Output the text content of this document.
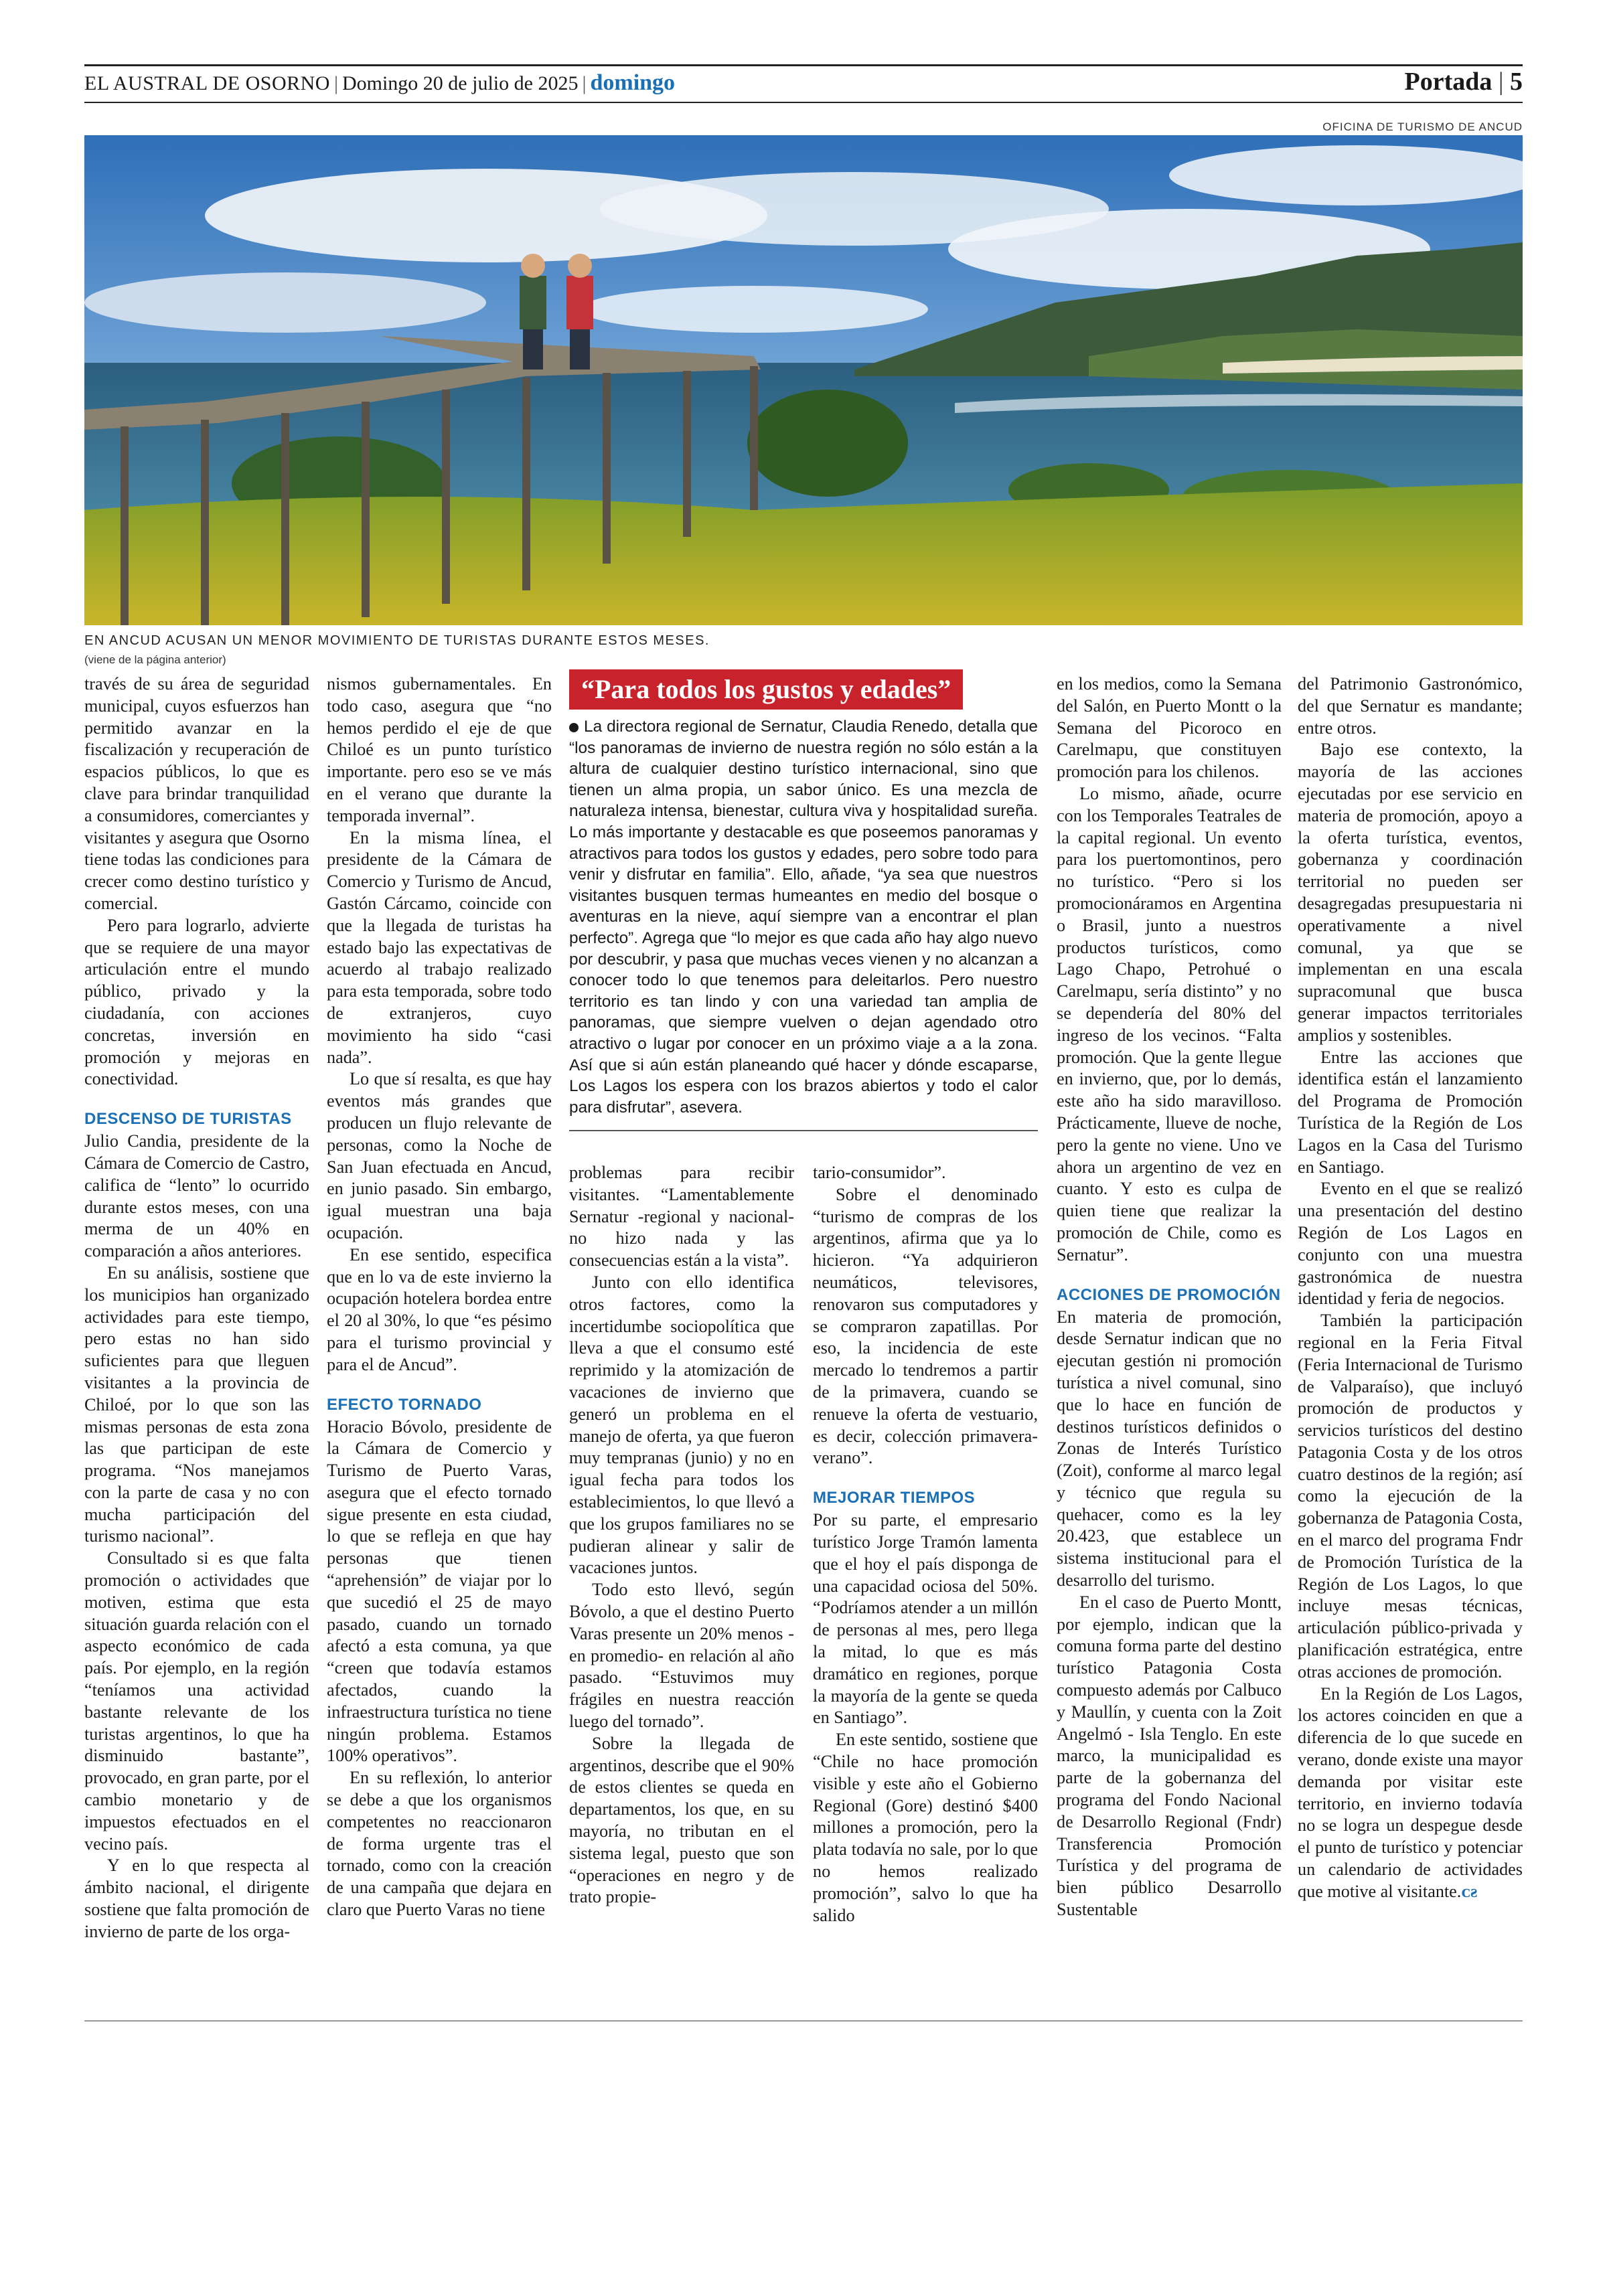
EL AUSTRAL DE OSORNO | Domingo 20 de julio de 2025 | domingo	Portada | 5
OFICINA DE TURISMO DE ANCUD
EN ANCUD ACUSAN UN MENOR MOVIMIENTO DE TURISTAS DURANTE ESTOS MESES.
(viene de la página anterior)

través de su área de seguridad municipal, cuyos esfuerzos han permitido avanzar en la fiscalización y recuperación de espacios públicos, lo que es clave para brindar tranquilidad a consumidores, comerciantes y visitantes y asegura que Osorno tiene todas las condiciones para crecer como destino turístico y comercial.

Pero para lograrlo, advierte que se requiere de una mayor articulación entre el mundo público, privado y la ciudadanía, con acciones concretas, inversión en promoción y mejoras en conectividad.

DESCENSO DE TURISTAS

Julio Candia, presidente de la Cámara de Comercio de Castro, califica de “lento” lo ocurrido durante estos meses, con una merma de un 40% en comparación a años anteriores.

En su análisis, sostiene que los municipios han organizado actividades para este tiempo, pero estas no han sido suficientes para que lleguen visitantes a la provincia de Chiloé, por lo que son las mismas personas de esta zona las que participan de este programa. “Nos manejamos con la parte de casa y no con mucha participación del turismo nacional”.

Consultado si es que falta promoción o actividades que motiven, estima que esta situación guarda relación con el aspecto económico de cada país. Por ejemplo, en la región “teníamos una actividad bastante relevante de los turistas argentinos, lo que ha disminuido bastante”, provocado, en gran parte, por el cambio monetario y de impuestos efectuados en el vecino país.

Y en lo que respecta al ámbito nacional, el dirigente sostiene que falta promoción de invierno de parte de los orga-

nismos gubernamentales. En todo caso, asegura que “no hemos perdido el eje de que Chiloé es un punto turístico importante. pero eso se ve más en el verano que durante la temporada invernal”.

En la misma línea, el presidente de la Cámara de Comercio y Turismo de Ancud, Gastón Cárcamo, coincide con que la llegada de turistas ha estado bajo las expectativas de acuerdo al trabajo realizado para esta temporada, sobre todo de extranjeros, cuyo movimiento ha sido “casi nada”.

Lo que sí resalta, es que hay eventos más grandes que producen un flujo relevante de personas, como la Noche de San Juan efectuada en Ancud, en junio pasado. Sin embargo, igual muestran una baja ocupación.

En ese sentido, especifica que en lo va de este invierno la ocupación hotelera bordea entre el 20 al 30%, lo que “es pésimo para el turismo provincial y para el de Ancud”.

EFECTO TORNADO

Horacio Bóvolo, presidente de la Cámara de Comercio y Turismo de Puerto Varas, asegura que el efecto tornado sigue presente en esta ciudad, lo que se refleja en que hay personas que tienen “aprehensión” de viajar por lo que sucedió el 25 de mayo pasado, cuando un tornado afectó a esta comuna, ya que “creen que todavía estamos afectados, cuando la infraestructura turística no tiene ningún problema. Estamos 100% operativos”.

En su reflexión, lo anterior se debe a que los organismos competentes no reaccionaron de forma urgente tras el tornado, como con la creación de una campaña que dejara en claro que Puerto Varas no tiene

“Para todos los gustos y edades”
La directora regional de Sernatur, Claudia Renedo, detalla que “los panoramas de invierno de nuestra región no sólo están a la altura de cualquier destino turístico internacional, sino que tienen un alma propia, un sabor único. Es una mezcla de naturaleza intensa, bienestar, cultura viva y hospitalidad sureña. Lo más importante y destacable es que poseemos panoramas y atractivos para todos los gustos y edades, pero sobre todo para venir y disfrutar en familia”. Ello, añade, “ya sea que nuestros visitantes busquen termas humeantes en medio del bosque o aventuras en la nieve, aquí siempre van a encontrar el plan perfecto”. Agrega que “lo mejor es que cada año hay algo nuevo por descubrir, y pasa que muchas veces vienen y no alcanzan a conocer todo lo que tenemos para deleitarlos. Pero nuestro territorio es tan lindo y con una variedad tan amplia de panoramas, que siempre vuelven o dejan agendado otro atractivo o lugar por conocer en un próximo viaje a a la zona. Así que si aún están planeando qué hacer y dónde escaparse, Los Lagos los espera con los brazos abiertos y todo el calor para disfrutar”, asevera.

problemas para recibir visitantes. “Lamentablemente Sernatur -regional y nacional- no hizo nada y las consecuencias están a la vista”.

Junto con ello identifica otros factores, como la incertidumbe sociopolítica que lleva a que el consumo esté reprimido y la atomización de vacaciones de invierno que generó un problema en el manejo de oferta, ya que fueron muy tempranas (junio) y no en igual fecha para todos los establecimientos, lo que llevó a que los grupos familiares no se pudieran alinear y salir de vacaciones juntos.

Todo esto llevó, según Bóvolo, a que el destino Puerto Varas presente un 20% menos -en promedio- en relación al año pasado. “Estuvimos muy frágiles en nuestra reacción luego del tornado”.

Sobre la llegada de argentinos, describe que el 90% de estos clientes se queda en departamentos, los que, en su mayoría, no tributan en el sistema legal, puesto que son “operaciones en negro y de trato propie-

tario-consumidor”.

Sobre el denominado “turismo de compras de los argentinos, afirma que ya lo hicieron. “Ya adquirieron neumáticos, televisores, renovaron sus computadores y se compraron zapatillas. Por eso, la incidencia de este mercado lo tendremos a partir de la primavera, cuando se renueve la oferta de vestuario, es decir, colección primavera-verano”.

MEJORAR TIEMPOS

Por su parte, el empresario turístico Jorge Tramón lamenta que el hoy el país disponga de una capacidad ociosa del 50%. “Podríamos atender a un millón de personas al mes, pero llega la mitad, lo que es más dramático en regiones, porque la mayoría de la gente se queda en Santiago”.

En este sentido, sostiene que “Chile no hace promoción visible y este año el Gobierno Regional (Gore) destinó $400 millones a promoción, pero la plata todavía no sale, por lo que no hemos realizado promoción”, salvo lo que ha salido

en los medios, como la Semana del Salón, en Puerto Montt o la Semana del Picoroco en Carelmapu, que constituyen promoción para los chilenos.

Lo mismo, añade, ocurre con los Temporales Teatrales de la capital regional. Un evento para los puertomontinos, pero no turístico. “Pero si los promocionáramos en Argentina o Brasil, junto a nuestros productos turísticos, como Lago Chapo, Petrohué o Carelmapu, sería distinto” y no se dependería del 80% del ingreso de los vecinos. “Falta promoción. Que la gente llegue en invierno, que, por lo demás, este año ha sido maravilloso. Prácticamente, llueve de noche, pero la gente no viene. Uno ve ahora un argentino de vez en cuanto. Y esto es culpa de quien tiene que realizar la promoción de Chile, como es Sernatur”.

ACCIONES DE PROMOCIÓN

En materia de promoción, desde Sernatur indican que no ejecutan gestión ni promoción turística a nivel comunal, sino que lo hace en función de destinos turísticos definidos o Zonas de Interés Turístico (Zoit), conforme al marco legal y técnico que regula su quehacer, como es la ley 20.423, que establece un sistema institucional para el desarrollo del turismo.

En el caso de Puerto Montt, por ejemplo, indican que la comuna forma parte del destino turístico Patagonia Costa compuesto además por Calbuco y Maullín, y cuenta con la Zoit Angelmó - Isla Tenglo. En este marco, la municipalidad es parte de la gobernanza del programa del Fondo Nacional de Desarrollo Regional (Fndr) Transferencia Promoción Turística y del programa de bien público Desarrollo Sustentable

del Patrimonio Gastronómico, del que Sernatur es mandante; entre otros.

Bajo ese contexto, la mayoría de las acciones ejecutadas por ese servicio en materia de promoción, apoyo a la oferta turística, eventos, gobernanza y coordinación territorial no pueden ser desagregadas presupuestaria ni operativamente a nivel comunal, ya que se implementan en una escala supracomunal que busca generar impactos territoriales amplios y sostenibles.

Entre las acciones que identifica están el lanzamiento del Programa de Promoción Turística de la Región de Los Lagos en la Casa del Turismo en Santiago.

Evento en el que se realizó una presentación del destino Región de Los Lagos en conjunto con una muestra gastronómica de nuestra identidad y feria de negocios.

También la participación regional en la Feria Fitval (Feria Internacional de Turismo de Valparaíso), que incluyó promoción de productos y servicios turísticos del destino Patagonia Costa y de los otros cuatro destinos de la región; así como la ejecución de la gobernanza de Patagonia Costa, en el marco del programa Fndr de Promoción Turística de la Región de Los Lagos, lo que incluye mesas técnicas, articulación público-privada y planificación estratégica, entre otras acciones de promoción.

En la Región de Los Lagos, los actores coinciden en que a diferencia de lo que sucede en verano, donde existe una mayor demanda por visitar este territorio, en invierno todavía no se logra un despegue desde el punto de turístico y potenciar un calendario de actividades que motive al visitante.ᴄƨ
